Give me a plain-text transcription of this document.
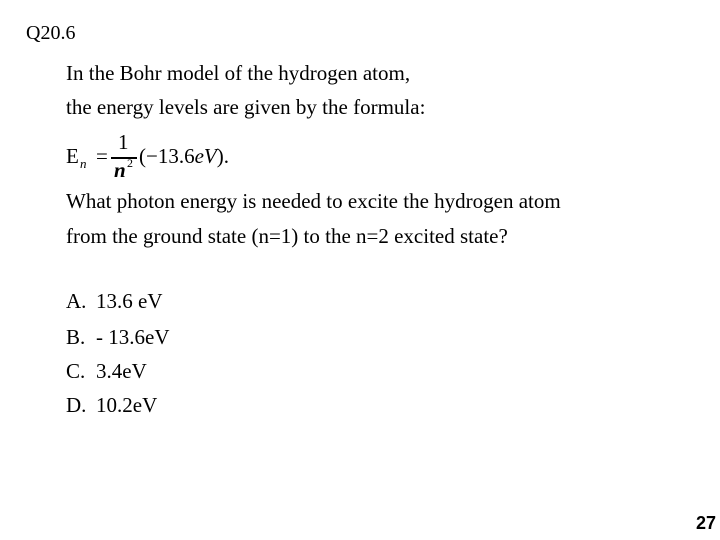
Q20.6
In the Bohr model of the hydrogen atom,
the energy levels are given by the formula:
E n =
1
n 2 (−13.6eV).
What photon energy is needed to excite the hydrogen atom
from the ground state (n=1) to the n=2 excited state?
A. 13.6 eV
B. - 13.6eV
C. 3.4eV
D. 10.2eV
27
